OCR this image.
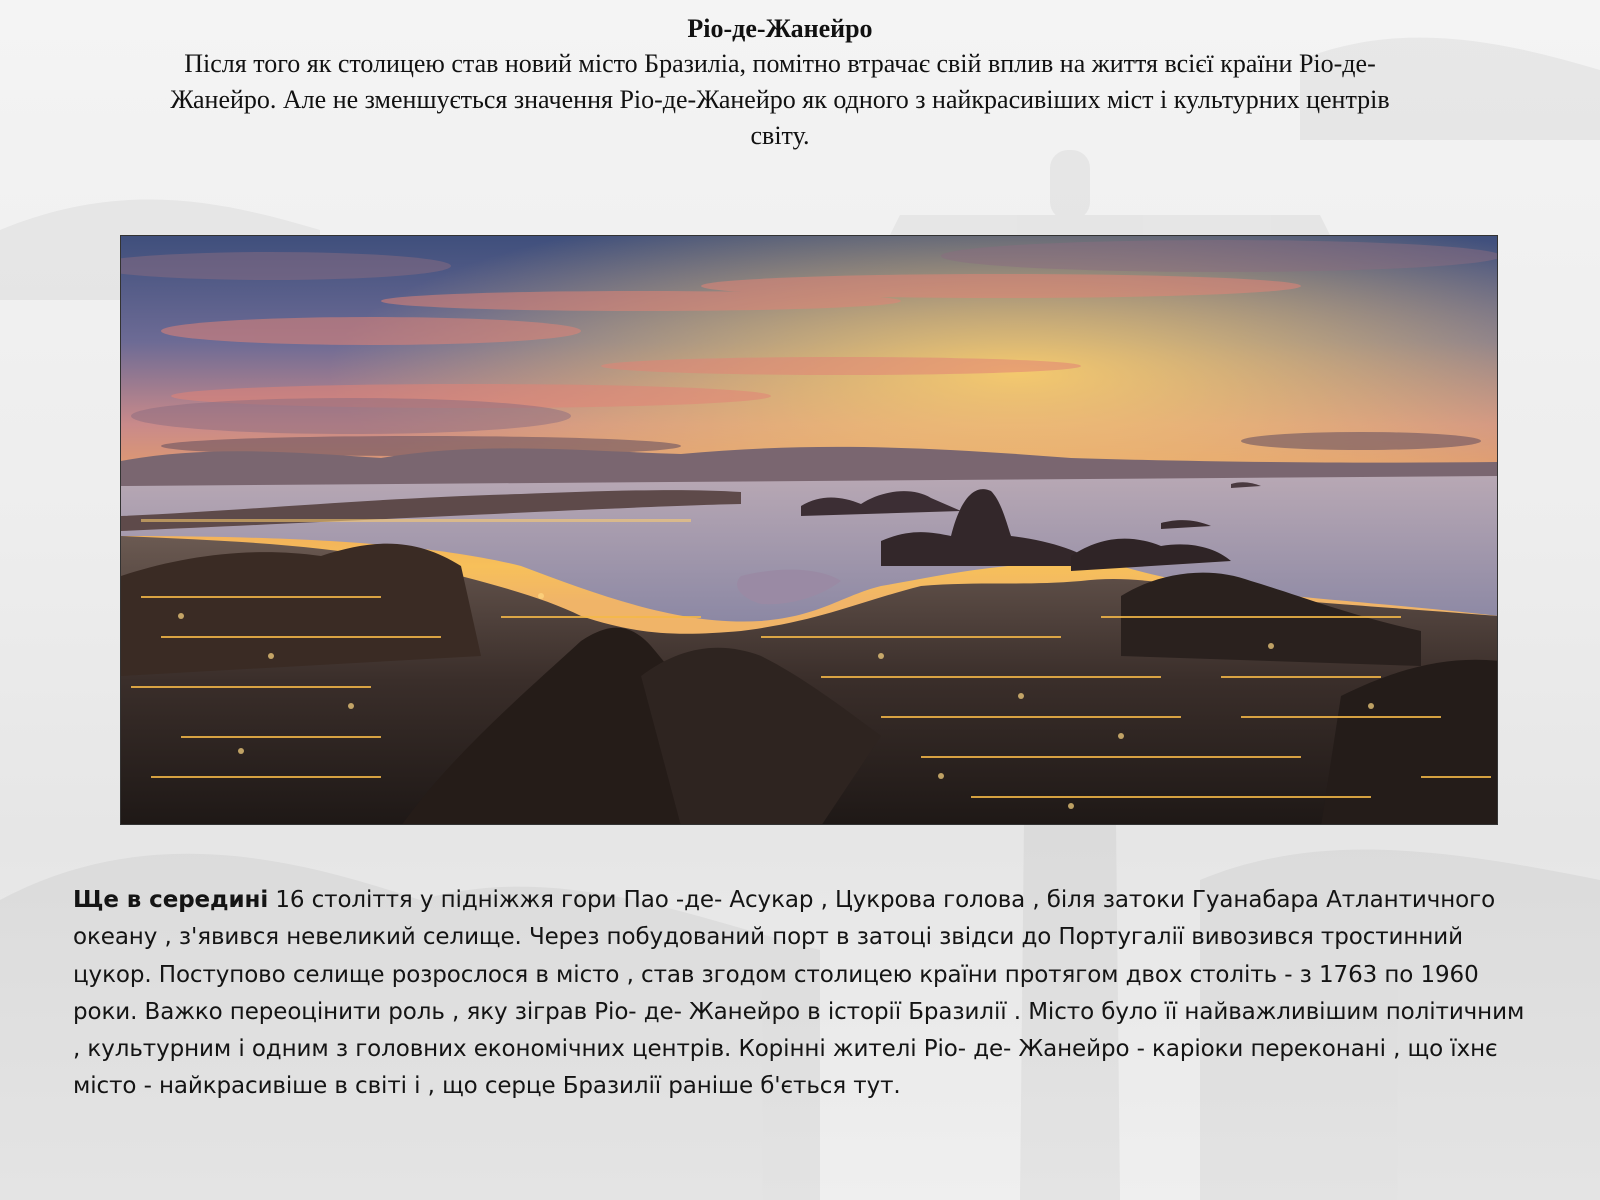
Ріо-де-Жанейро

Після того як столицею став новий місто Бразиліа, помітно втрачає свій вплив на життя всієї країни Ріо-де-Жанейро. Але не зменшується значення Ріо-де-Жанейро як одного з найкрасивіших міст і культурних центрів світу.

Ще в середині 16 століття у підніжжя гори Пао -де- Асукар , Цукрова голова , біля затоки Гуанабара Атлантичного океану , з'явився невеликий селище. Через побудований порт в затоці звідси до Португалії вивозився тростинний цукор. Поступово селище розрослося в місто , став згодом столицею країни протягом двох століть - з 1763 по 1960 роки. Важко переоцінити роль , яку зіграв Ріо- де- Жанейро в історії Бразилії . Місто було її найважливішим політичним , культурним і одним з головних економічних центрів. Корінні жителі Ріо- де- Жанейро - каріоки переконані , що їхнє місто - найкрасивіше в світі і , що серце Бразилії раніше б'ється тут.
